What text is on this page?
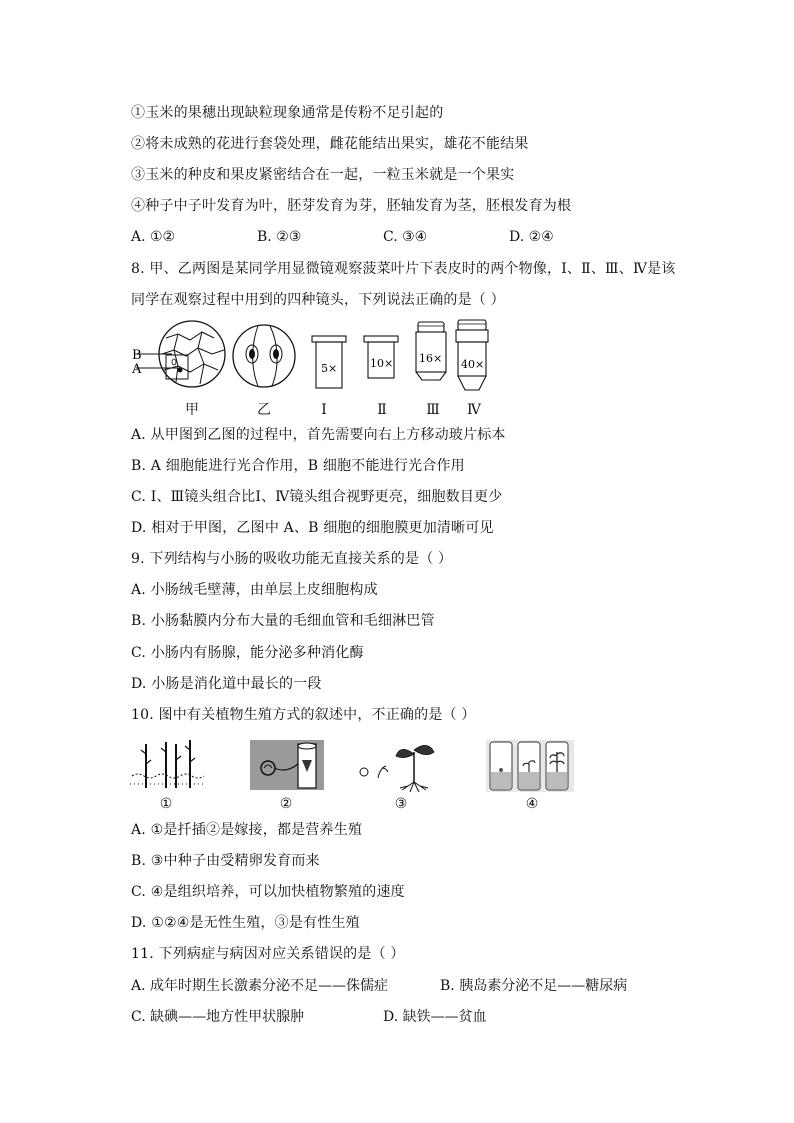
①玉米的果穗出现缺粒现象通常是传粉不足引起的
②将未成熟的花进行套袋处理，雌花能结出果实，雄花不能结果
③玉米的种皮和果皮紧密结合在一起，一粒玉米就是一个果实
④种子中子叶发育为叶，胚芽发育为芽，胚轴发育为茎，胚根发育为根
A. ①②	B. ②③	C. ③④	D. ②④
8. 甲、乙两图是某同学用显微镜观察菠菜叶片下表皮时的两个物像，Ⅰ、Ⅱ、Ⅲ、Ⅳ是该
同学在观察过程中用到的四种镜头，下列说法正确的是（ ）
B
A	5×	10× 16× 40×
甲	乙	Ⅰ	Ⅱ	Ⅲ Ⅳ
A. 从甲图到乙图的过程中，首先需要向右上方移动玻片标本
B. A 细胞能进行光合作用，B 细胞不能进行光合作用
C. Ⅰ、Ⅲ镜头组合比Ⅰ、Ⅳ镜头组合视野更亮，细胞数目更少
D. 相对于甲图，乙图中 A、B 细胞的细胞膜更加清晰可见
9. 下列结构与小肠的吸收功能无直接关系的是（ ）
A. 小肠绒毛壁薄，由单层上皮细胞构成
B. 小肠黏膜内分布大量的毛细血管和毛细淋巴管
C. 小肠内有肠腺，能分泌多种消化酶
D. 小肠是消化道中最长的一段
10. 图中有关植物生殖方式的叙述中，不正确的是（ ）
①	②	③	④
A. ①是扦插②是嫁接，都是营养生殖
B. ③中种子由受精卵发育而来
C. ④是组织培养，可以加快植物繁殖的速度
D. ①②④是无性生殖，③是有性生殖
11. 下列病症与病因对应关系错误的是（ ）
A. 成年时期生长激素分泌不足——侏儒症	B. 胰岛素分泌不足——糖尿病
C. 缺碘——地方性甲状腺肿	D. 缺铁——贫血
